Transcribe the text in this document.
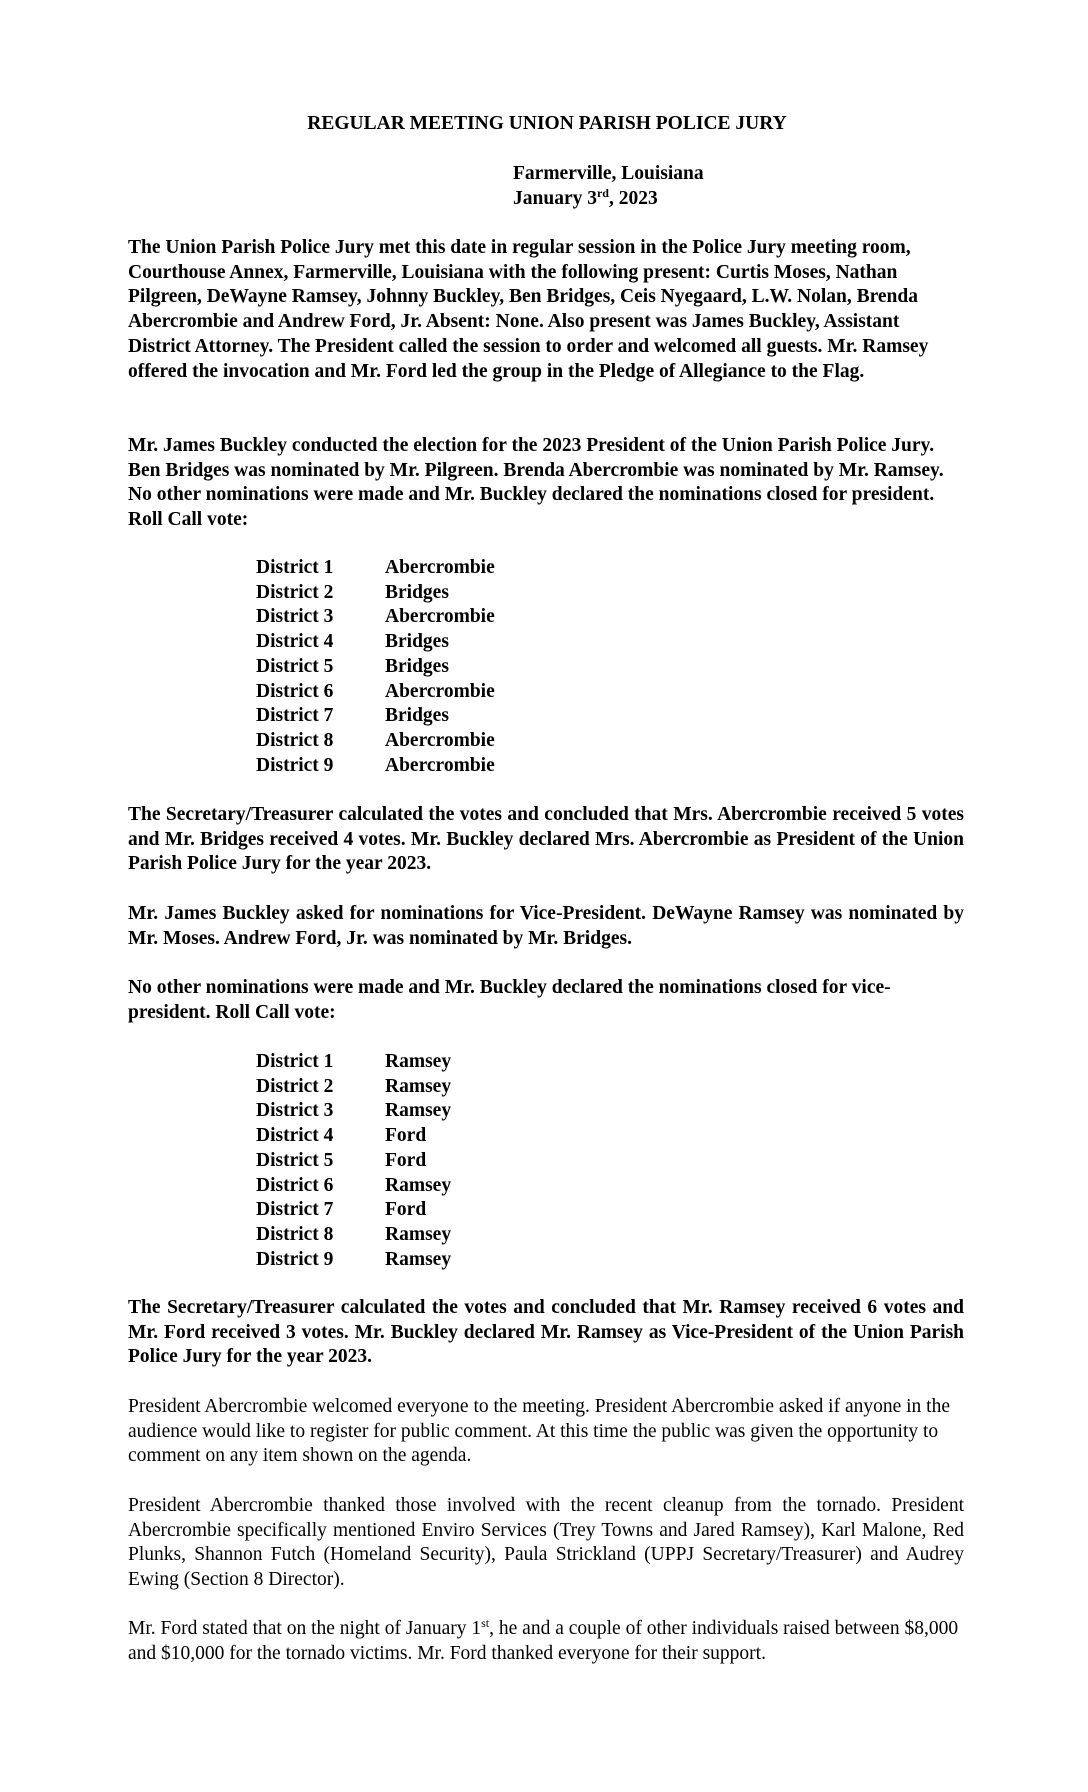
REGULAR MEETING UNION PARISH POLICE JURY
Farmerville, Louisiana
January 3rd, 2023

The Union Parish Police Jury met this date in regular session in the Police Jury meeting room, Courthouse Annex, Farmerville, Louisiana with the following present: Curtis Moses, Nathan Pilgreen, DeWayne Ramsey, Johnny Buckley, Ben Bridges, Ceis Nyegaard, L.W. Nolan, Brenda Abercrombie and Andrew Ford, Jr. Absent: None. Also present was James Buckley, Assistant District Attorney. The President called the session to order and welcomed all guests. Mr. Ramsey offered the invocation and Mr. Ford led the group in the Pledge of Allegiance to the Flag.

Mr. James Buckley conducted the election for the 2023 President of the Union Parish Police Jury. Ben Bridges was nominated by Mr. Pilgreen. Brenda Abercrombie was nominated by Mr. Ramsey. No other nominations were made and Mr. Buckley declared the nominations closed for president. Roll Call vote:

District 1	Abercrombie
District 2	Bridges
District 3	Abercrombie
District 4	Bridges
District 5	Bridges
District 6	Abercrombie
District 7	Bridges
District 8	Abercrombie
District 9	Abercrombie

The Secretary/Treasurer calculated the votes and concluded that Mrs. Abercrombie received 5 votes and Mr. Bridges received 4 votes. Mr. Buckley declared Mrs. Abercrombie as President of the Union Parish Police Jury for the year 2023.

Mr. James Buckley asked for nominations for Vice-President. DeWayne Ramsey was nominated by Mr. Moses. Andrew Ford, Jr. was nominated by Mr. Bridges.

No other nominations were made and Mr. Buckley declared the nominations closed for vice-president. Roll Call vote:

District 1	Ramsey
District 2	Ramsey
District 3	Ramsey
District 4	Ford
District 5	Ford
District 6	Ramsey
District 7	Ford
District 8	Ramsey
District 9	Ramsey

The Secretary/Treasurer calculated the votes and concluded that Mr. Ramsey received 6 votes and Mr. Ford received 3 votes. Mr. Buckley declared Mr. Ramsey as Vice-President of the Union Parish Police Jury for the year 2023.

President Abercrombie welcomed everyone to the meeting. President Abercrombie asked if anyone in the audience would like to register for public comment. At this time the public was given the opportunity to comment on any item shown on the agenda.

President Abercrombie thanked those involved with the recent cleanup from the tornado. President Abercrombie specifically mentioned Enviro Services (Trey Towns and Jared Ramsey), Karl Malone, Red Plunks, Shannon Futch (Homeland Security), Paula Strickland (UPPJ Secretary/Treasurer) and Audrey Ewing (Section 8 Director).

Mr. Ford stated that on the night of January 1st, he and a couple of other individuals raised between $8,000 and $10,000 for the tornado victims. Mr. Ford thanked everyone for their support.
